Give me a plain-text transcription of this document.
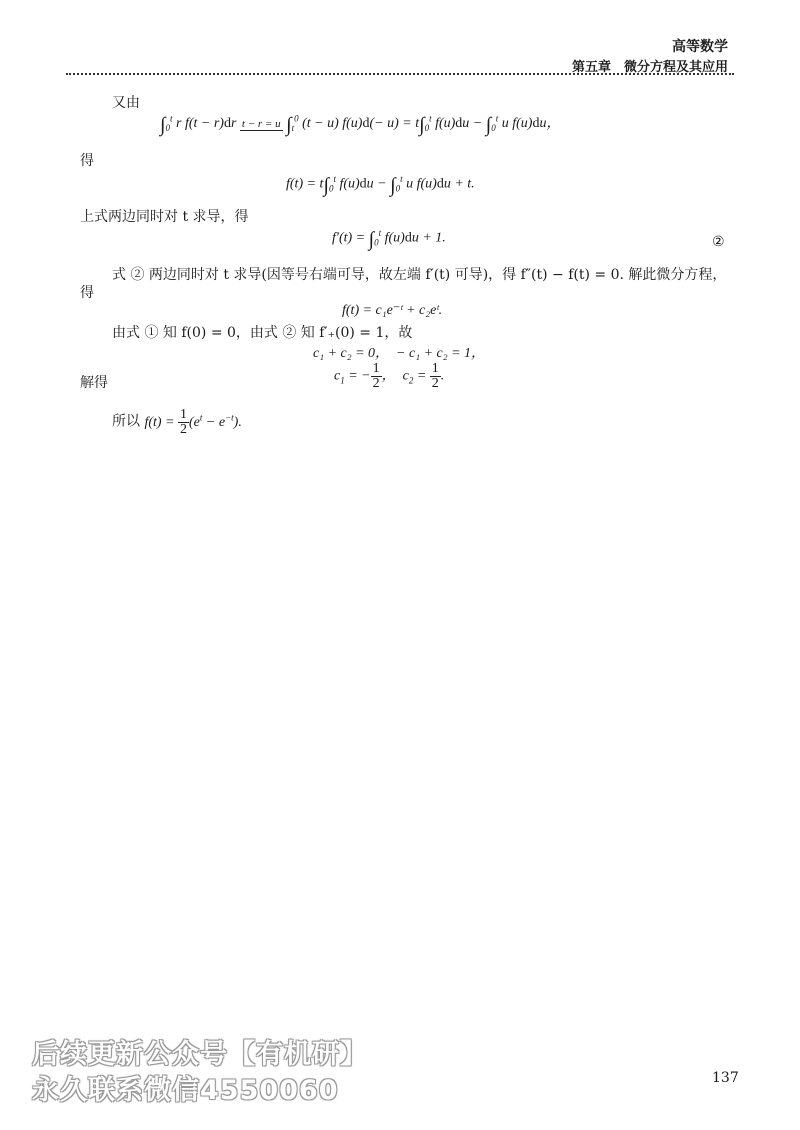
高等数学
第五章　微分方程及其应用
又由
$\int_0^t$ r f(t − r)dr t − r = u $\int_t^0$ (t − u) $f(u)d(- u) = t\int_0^t$ $f(u)du - \int_0^t$ u f(u)du，
得
$f(t) = t\int_0^t$ $f(u)du - \int_0^t$ u f(u)du + t.
上式两边同时对 t 求导，得
$f'(t) = \int_0^t$ f(u)du + 1.	②
式 ② 两边同时对 t 求导(因等号右端可导，故左端 f′(t) 可导)，得 f″(t) − f(t) = 0. 解此微分方程，
得
f(t) = c₁e⁻ᵗ + c₂eᵗ.
由式 ① 知 f(0) = 0，由式 ② 知 f′₊(0) = 1，故
c₁ + c₂ = 0，　− c₁ + c₂ = 1，
解得	$c_1$ = − $\frac{1}{2}$ ，  $c_2 = \frac{1}{2}$ .
所以 $f(t) = \frac{1}{2} (e^t - e^{-t})$.
后续更新公众号【有机研】
永久联系微信4550060	137
